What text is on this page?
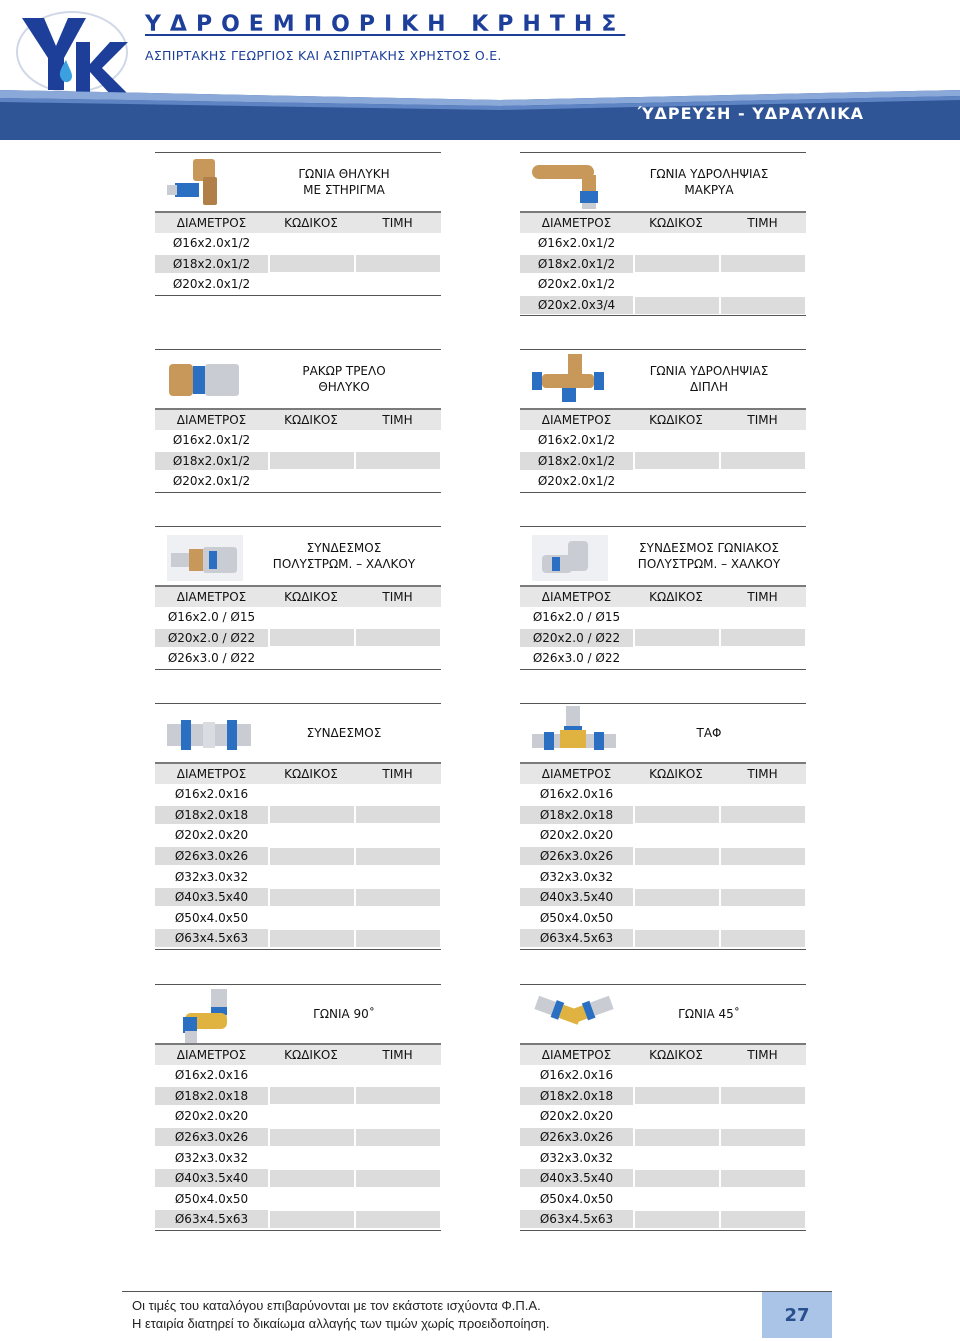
ΥΔΡΟΕΜΠΟΡΙΚΗ ΚΡΗΤΗΣ
ΑΣΠΙΡΤΑΚΗΣ ΓΕΩΡΓΙΟΣ ΚΑΙ ΑΣΠΙΡΤΑΚΗΣ ΧΡΗΣΤΟΣ Ο.Ε.
ΎΔΡΕΥΣΗ - ΥΔΡΑΥΛΙΚΑ
ΓΩΝΙΑ ΘΗΛΥΚΗ
ΜΕ ΣΤΗΡΙΓΜΑ
ΔΙΑΜΕΤΡΟΣ	ΚΩΔΙΚΟΣ	ΤΙΜΗ
Ø16x2.0x1/2
Ø18x2.0x1/2
Ø20x2.0x1/2
ΓΩΝΙΑ ΥΔΡΟΛΗΨΙΑΣ
ΜΑΚΡΥΑ
ΔΙΑΜΕΤΡΟΣ	ΚΩΔΙΚΟΣ	ΤΙΜΗ
Ø16x2.0x1/2
Ø18x2.0x1/2
Ø20x2.0x1/2
Ø20x2.0x3/4
ΡΑΚΩΡ ΤΡΕΛΟ
ΘΗΛΥΚΟ
ΔΙΑΜΕΤΡΟΣ	ΚΩΔΙΚΟΣ	ΤΙΜΗ
Ø16x2.0x1/2
Ø18x2.0x1/2
Ø20x2.0x1/2
ΓΩΝΙΑ ΥΔΡΟΛΗΨΙΑΣ
ΔΙΠΛΗ
ΔΙΑΜΕΤΡΟΣ	ΚΩΔΙΚΟΣ	ΤΙΜΗ
Ø16x2.0x1/2
Ø18x2.0x1/2
Ø20x2.0x1/2
ΣΥΝΔΕΣΜΟΣ
ΠΟΛΥΣΤΡΩΜ. – ΧΑΛΚΟΥ
ΔΙΑΜΕΤΡΟΣ	ΚΩΔΙΚΟΣ	ΤΙΜΗ
Ø16x2.0 / Ø15
Ø20x2.0 / Ø22
Ø26x3.0 / Ø22
ΣΥΝΔΕΣΜΟΣ ΓΩΝΙΑΚΟΣ
ΠΟΛΥΣΤΡΩΜ. – ΧΑΛΚΟΥ
ΔΙΑΜΕΤΡΟΣ	ΚΩΔΙΚΟΣ	ΤΙΜΗ
Ø16x2.0 / Ø15
Ø20x2.0 / Ø22
Ø26x3.0 / Ø22
ΣΥΝΔΕΣΜΟΣ
ΔΙΑΜΕΤΡΟΣ	ΚΩΔΙΚΟΣ	ΤΙΜΗ
Ø16x2.0x16
Ø18x2.0x18
Ø20x2.0x20
Ø26x3.0x26
Ø32x3.0x32
Ø40x3.5x40
Ø50x4.0x50
Ø63x4.5x63
ΤΑΦ
ΔΙΑΜΕΤΡΟΣ	ΚΩΔΙΚΟΣ	ΤΙΜΗ
Ø16x2.0x16
Ø18x2.0x18
Ø20x2.0x20
Ø26x3.0x26
Ø32x3.0x32
Ø40x3.5x40
Ø50x4.0x50
Ø63x4.5x63
ΓΩΝΙΑ 90˚
ΔΙΑΜΕΤΡΟΣ	ΚΩΔΙΚΟΣ	ΤΙΜΗ
Ø16x2.0x16
Ø18x2.0x18
Ø20x2.0x20
Ø26x3.0x26
Ø32x3.0x32
Ø40x3.5x40
Ø50x4.0x50
Ø63x4.5x63
ΓΩΝΙΑ 45˚
ΔΙΑΜΕΤΡΟΣ	ΚΩΔΙΚΟΣ	ΤΙΜΗ
Ø16x2.0x16
Ø18x2.0x18
Ø20x2.0x20
Ø26x3.0x26
Ø32x3.0x32
Ø40x3.5x40
Ø50x4.0x50
Ø63x4.5x63
Οι τιμές του καταλόγου επιβαρύνονται με τον εκάστοτε ισχύοντα Φ.Π.Α.
Η εταιρία διατηρεί το δικαίωμα αλλαγής των τιμών χωρίς προειδοποίηση.	27
